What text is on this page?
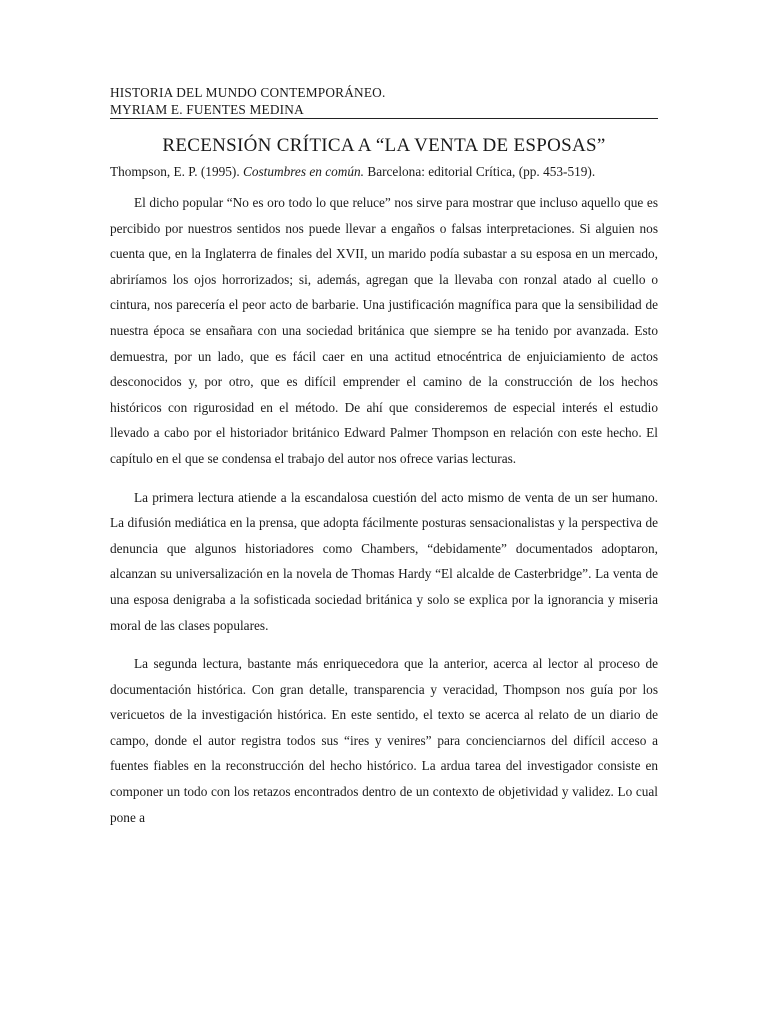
HISTORIA DEL MUNDO CONTEMPORÁNEO.
MYRIAM E. FUENTES MEDINA
RECENSIÓN CRÍTICA A “LA VENTA DE ESPOSAS”
Thompson, E. P. (1995). Costumbres en común. Barcelona: editorial Crítica, (pp. 453-519).

El dicho popular “No es oro todo lo que reluce” nos sirve para mostrar que incluso aquello que es percibido por nuestros sentidos nos puede llevar a engaños o falsas interpretaciones. Si alguien nos cuenta que, en la Inglaterra de finales del XVII, un marido podía subastar a su esposa en un mercado, abriríamos los ojos horrorizados; si, además, agregan que la llevaba con ronzal atado al cuello o cintura, nos parecería el peor acto de barbarie. Una justificación magnífica para que la sensibilidad de nuestra época se ensañara con una sociedad británica que siempre se ha tenido por avanzada. Esto demuestra, por un lado, que es fácil caer en una actitud etnocéntrica de enjuiciamiento de actos desconocidos y, por otro, que es difícil emprender el camino de la construcción de los hechos históricos con rigurosidad en el método. De ahí que consideremos de especial interés el estudio llevado a cabo por el historiador británico Edward Palmer Thompson en relación con este hecho. El capítulo en el que se condensa el trabajo del autor nos ofrece varias lecturas.

La primera lectura atiende a la escandalosa cuestión del acto mismo de venta de un ser humano. La difusión mediática en la prensa, que adopta fácilmente posturas sensacionalistas y la perspectiva de denuncia que algunos historiadores como Chambers, “debidamente” documentados adoptaron, alcanzan su universalización en la novela de Thomas Hardy “El alcalde de Casterbridge”. La venta de una esposa denigraba a la sofisticada sociedad británica y solo se explica por la ignorancia y miseria moral de las clases populares.

La segunda lectura, bastante más enriquecedora que la anterior, acerca al lector al proceso de documentación histórica. Con gran detalle, transparencia y veracidad, Thompson nos guía por los vericuetos de la investigación histórica. En este sentido, el texto se acerca al relato de un diario de campo, donde el autor registra todos sus “ires y venires” para concienciarnos del difícil acceso a fuentes fiables en la reconstrucción del hecho histórico. La ardua tarea del investigador consiste en componer un todo con los retazos encontrados dentro de un contexto de objetividad y validez. Lo cual pone a
